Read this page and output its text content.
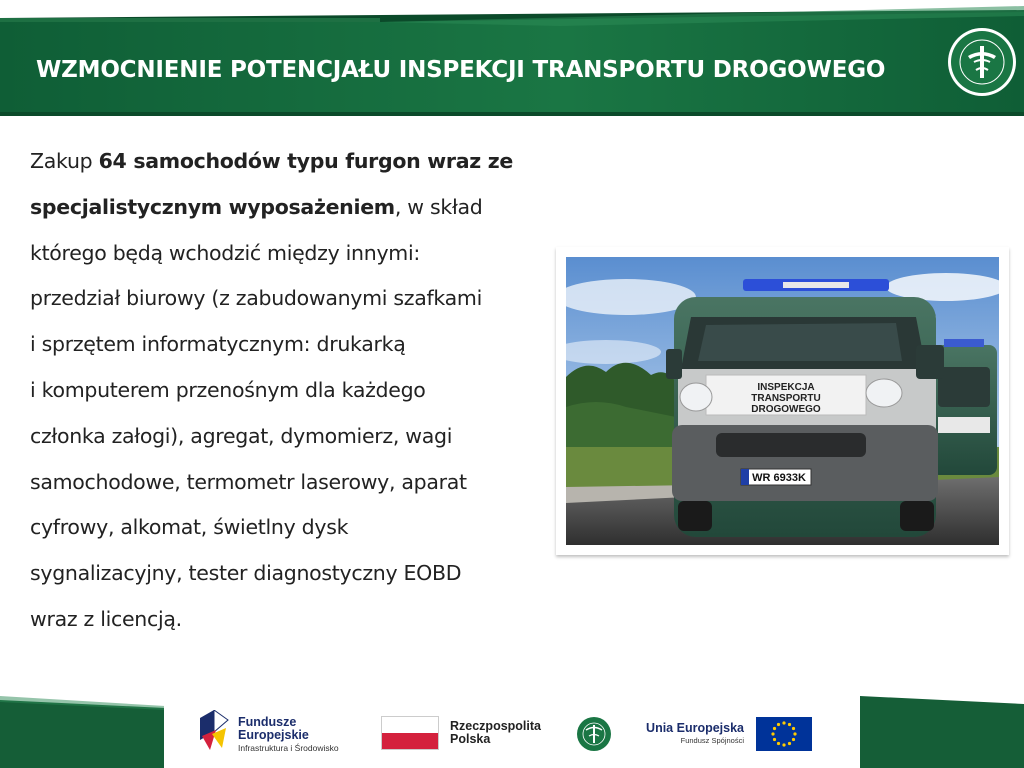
WZMOCNIENIE POTENCJAŁU INSPEKCJI TRANSPORTU DROGOWEGO
Zakup 64 samochodów typu furgon wraz ze
specjalistycznym wyposażeniem, w skład
którego będą wchodzić między innymi:
przedział biurowy (z zabudowanymi szafkami
i sprzętem informatycznym: drukarką
i komputerem przenośnym dla każdego
członka załogi), agregat, dymomierz, wagi
samochodowe, termometr laserowy, aparat
cyfrowy, alkomat, świetlny dysk
sygnalizacyjny, tester diagnostyczny EOBD
wraz z licencją.
INSPEKCJA
TRANSPORTU
DROGOWEGO
WR 6933K
Fundusze
Europejskie
Infrastruktura i Środowisko
Rzeczpospolita
Polska
Unia Europejska
Fundusz Spójności
